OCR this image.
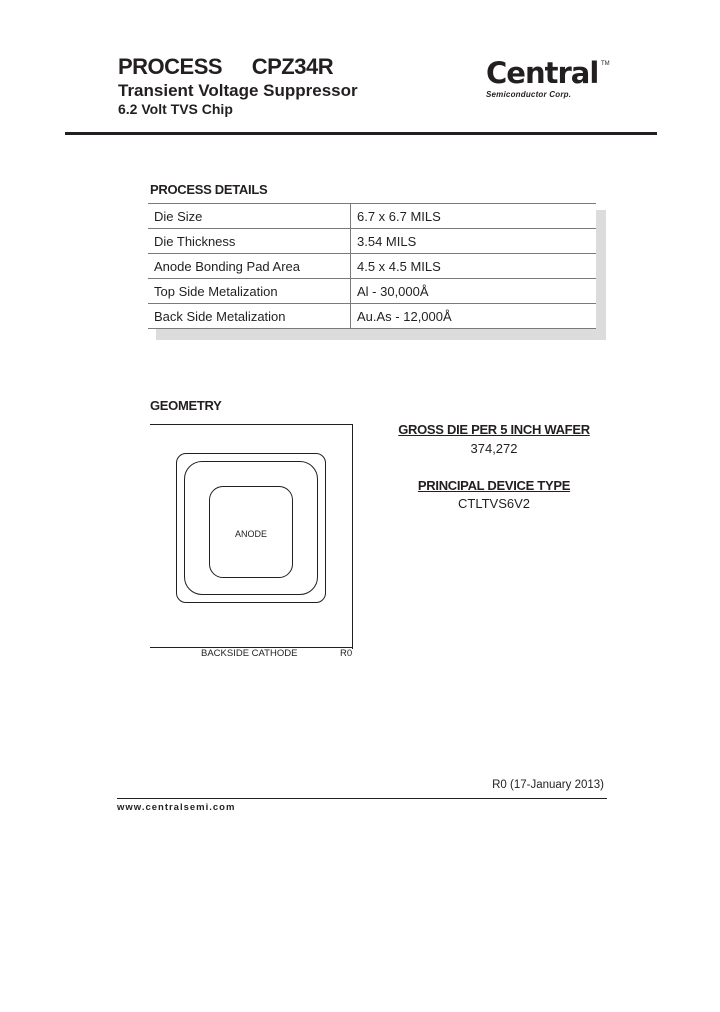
PROCESS CPZ34R
Transient Voltage Suppressor
6.2 Volt TVS Chip
Central TM
Semiconductor Corp.
PROCESS DETAILS
Die Size	6.7 x 6.7 MILS
Die Thickness	3.54 MILS
Anode Bonding Pad Area	4.5 x 4.5 MILS
Top Side Metalization	Al - 30,000Å
Back Side Metalization	Au.As - 12,000Å
GEOMETRY
ANODE
BACKSIDE CATHODE	R0
GROSS DIE PER 5 INCH WAFER
374,272
PRINCIPAL DEVICE TYPE
CTLTVS6V2
R0 (17-January 2013)
www.centralsemi.com
